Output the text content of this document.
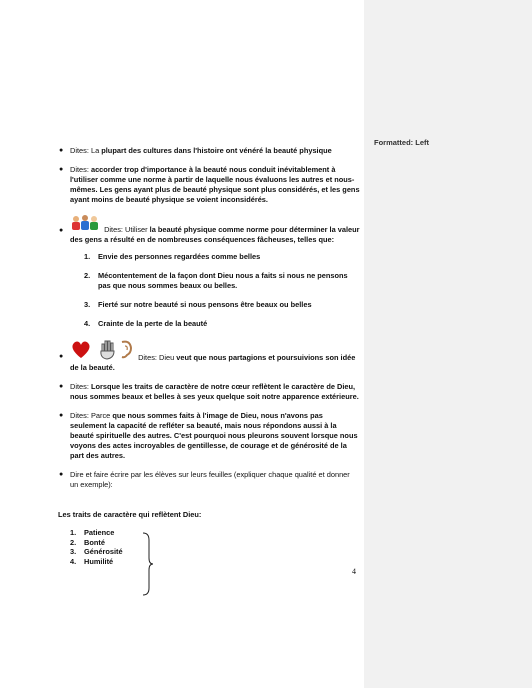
Formatted: Left
● Dites: La plupart des cultures dans l'histoire ont vénéré la beauté physique
● Dites: accorder trop d'importance à la beauté nous conduit inévitablement à l'utiliser comme une norme à partir de laquelle nous évaluons les autres et nous-mêmes. Les gens ayant plus de beauté physique sont plus considérés, et les gens ayant moins de beauté physique se voient inconsidérés.
●	Dites: Utiliser la beauté physique comme norme pour déterminer la valeur des gens a résulté en de nombreuses conséquences fâcheuses, telles que:
1. Envie des personnes regardées comme belles
2. Mécontentement de la façon dont Dieu nous a faits si nous ne pensons pas que nous sommes beaux ou belles.
3. Fierté sur notre beauté si nous pensons être beaux ou belles
4. Crainte de la perte de la beauté
●	Dites: Dieu veut que nous partagions et poursuivions son idée de la beauté.
● Dites: Lorsque les traits de caractère de notre cœur reflètent le caractère de Dieu, nous sommes beaux et belles à ses yeux quelque soit notre apparence extérieure.
● Dites: Parce que nous sommes faits à l'image de Dieu, nous n'avons pas seulement la capacité de refléter sa beauté, mais nous répondons aussi à la beauté spirituelle des autres. C'est pourquoi nous pleurons souvent lorsque nous voyons des actes incroyables de gentillesse, de courage et de générosité de la part des autres.
● Dire et faire écrire par les élèves sur leurs feuilles (expliquer chaque qualité et donner un exemple):
Les traits de caractère qui reflètent Dieu:
1. Patience
2. Bonté
3. Générosité
4. Humilité
4
